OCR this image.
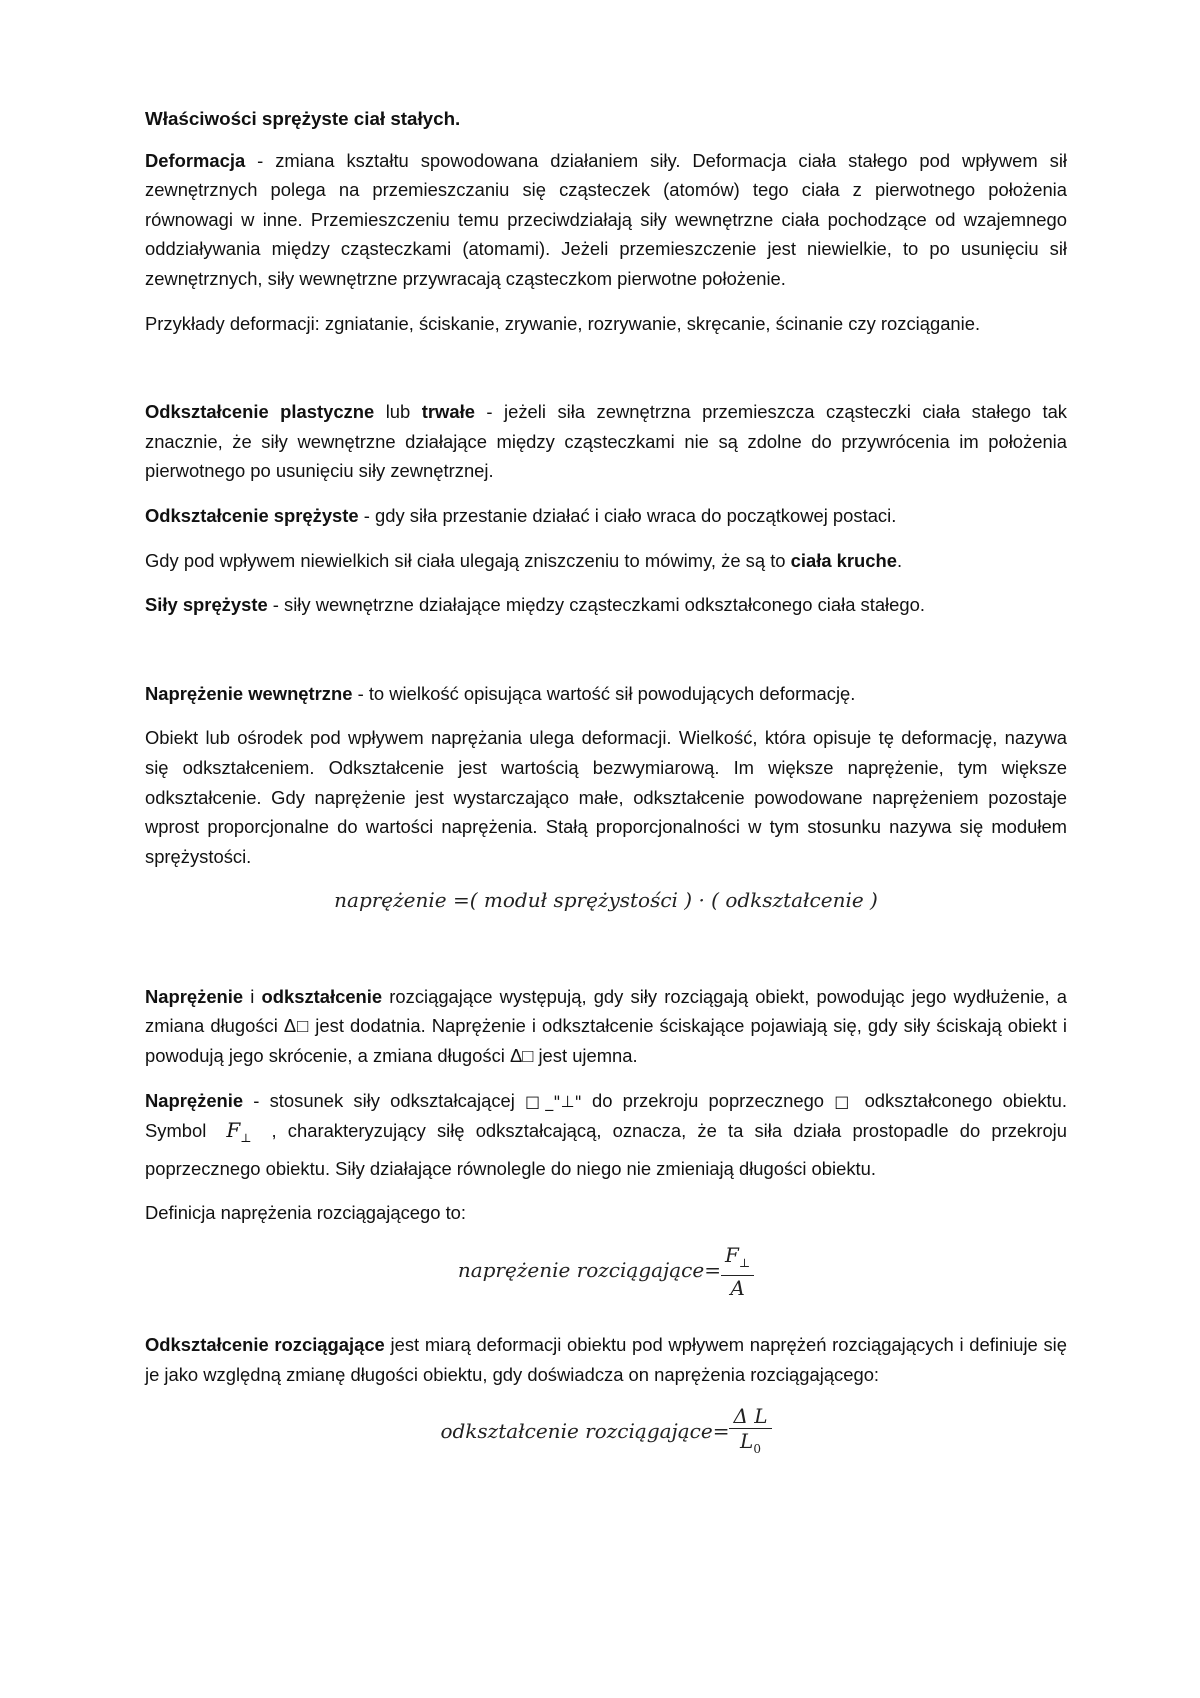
Właściwości sprężyste ciał stałych.

Deformacja - zmiana kształtu spowodowana działaniem siły. Deformacja ciała stałego pod wpływem sił zewnętrznych polega na przemieszczaniu się cząsteczek (atomów) tego ciała z pierwotnego położenia równowagi w inne. Przemieszczeniu temu przeciwdziałają siły wewnętrzne ciała pochodzące od wzajemnego oddziaływania między cząsteczkami (atomami). Jeżeli przemieszczenie jest niewielkie, to po usunięciu sił zewnętrznych, siły wewnętrzne przywracają cząsteczkom pierwotne położenie.

Przykłady deformacji: zgniatanie, ściskanie, zrywanie, rozrywanie, skręcanie, ścinanie czy rozciąganie.

Odkształcenie plastyczne lub trwałe - jeżeli siła zewnętrzna przemieszcza cząsteczki ciała stałego tak znacznie, że siły wewnętrzne działające między cząsteczkami nie są zdolne do przywrócenia im położenia pierwotnego po usunięciu siły zewnętrznej.

Odkształcenie sprężyste - gdy siła przestanie działać i ciało wraca do początkowej postaci.

Gdy pod wpływem niewielkich sił ciała ulegają zniszczeniu to mówimy, że są to ciała kruche.

Siły sprężyste - siły wewnętrzne działające między cząsteczkami odkształconego ciała stałego.

Naprężenie wewnętrzne - to wielkość opisująca wartość sił powodujących deformację.

Obiekt lub ośrodek pod wpływem naprężania ulega deformacji. Wielkość, która opisuje tę deformację, nazywa się odkształceniem. Odkształcenie jest wartością bezwymiarową. Im większe naprężenie, tym większe odkształcenie. Gdy naprężenie jest wystarczająco małe, odkształcenie powodowane naprężeniem pozostaje wprost proporcjonalne do wartości naprężenia. Stałą proporcjonalności w tym stosunku nazywa się modułem sprężystości.

naprężenie =( moduł sprężystości ) · ( odkształcenie )

Naprężenie i odkształcenie rozciągające występują, gdy siły rozciągają obiekt, powodując jego wydłużenie, a zmiana długości Δ□ jest dodatnia. Naprężenie i odkształcenie ściskające pojawiają się, gdy siły ściskają obiekt i powodują jego skrócenie, a zmiana długości Δ□ jest ujemna.

Naprężenie - stosunek siły odkształcającej □_"⊥" do przekroju poprzecznego □ odkształconego obiektu. Symbol $F_\perp$ , charakteryzujący siłę odkształcającą, oznacza, że ta siła działa prostopadle do przekroju poprzecznego obiektu. Siły działające równolegle do niego nie zmieniają długości obiektu.

Definicja naprężenia rozciągającego to:

naprężenie rozciągające= $\frac{F_\perp}{A}$

Odkształcenie rozciągające jest miarą deformacji obiektu pod wpływem naprężeń rozciągających i definiuje się je jako względną zmianę długości obiektu, gdy doświadcza on naprężenia rozciągającego:

odkształcenie rozciągające= $\frac{\text{Δ L}}{L_0}$
